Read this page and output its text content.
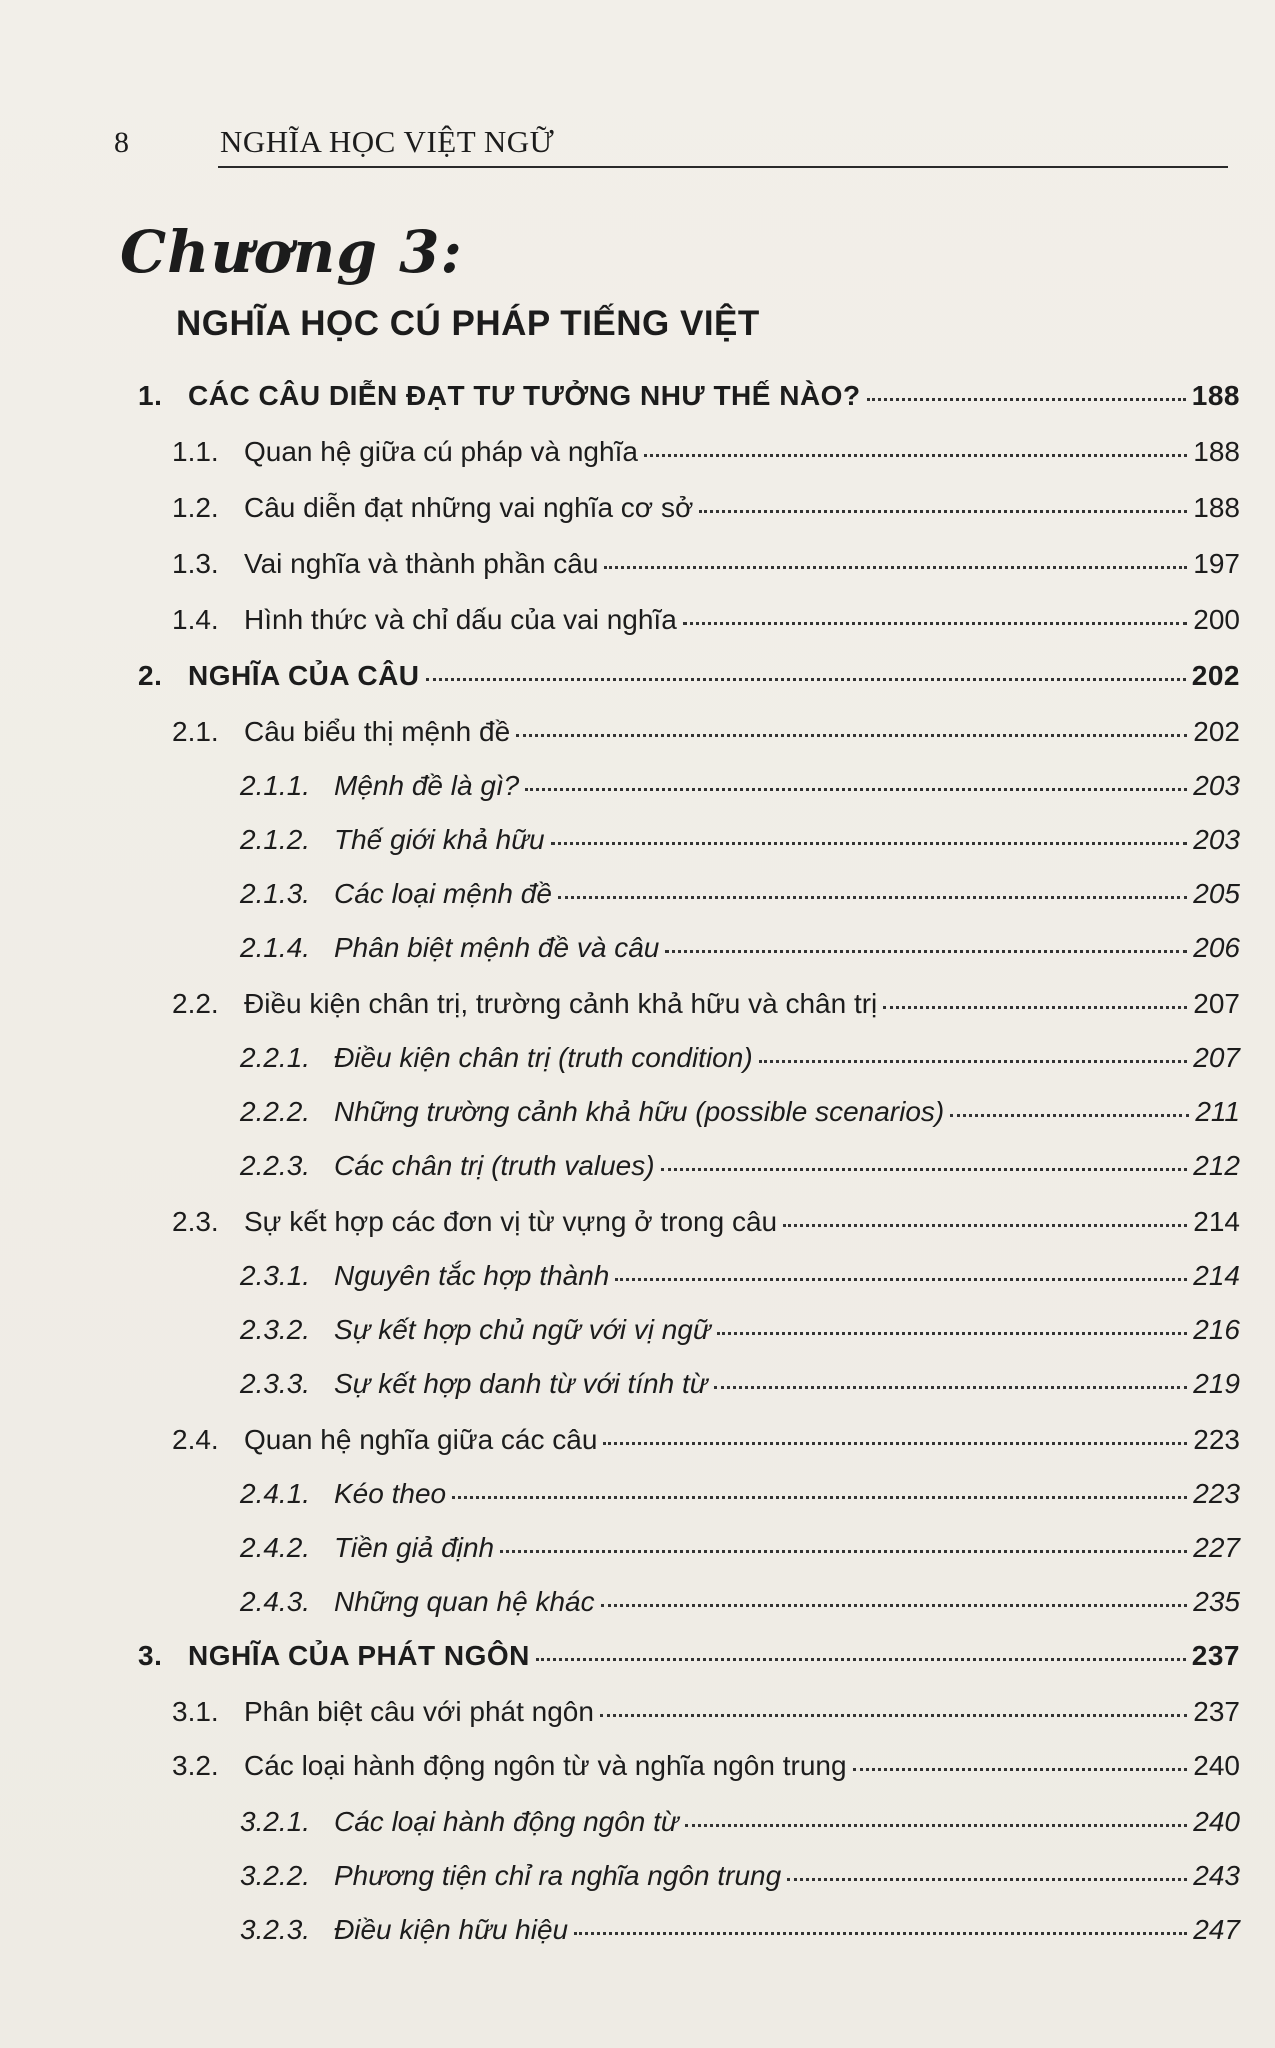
8	NGHĨA HỌC VIỆT NGỮ
Chương 3:
NGHĨA HỌC CÚ PHÁP TIẾNG VIỆT
1. CÁC CÂU DIỄN ĐẠT TƯ TƯỞNG NHƯ THẾ NÀO?	188
1.1. Quan hệ giữa cú pháp và nghĩa	188
1.2. Câu diễn đạt những vai nghĩa cơ sở	188
1.3. Vai nghĩa và thành phần câu	197
1.4. Hình thức và chỉ dấu của vai nghĩa	200
2. NGHĨA CỦA CÂU	202
2.1. Câu biểu thị mệnh đề	202
2.1.1. Mệnh đề là gì?	203
2.1.2. Thế giới khả hữu	203
2.1.3. Các loại mệnh đề	205
2.1.4. Phân biệt mệnh đề và câu	206
2.2. Điều kiện chân trị, trường cảnh khả hữu và chân trị	207
2.2.1. Điều kiện chân trị (truth condition)	207
2.2.2. Những trường cảnh khả hữu (possible scenarios)	211
2.2.3. Các chân trị (truth values)	212
2.3. Sự kết hợp các đơn vị từ vựng ở trong câu	214
2.3.1. Nguyên tắc hợp thành	214
2.3.2. Sự kết hợp chủ ngữ với vị ngữ	216
2.3.3. Sự kết hợp danh từ với tính từ	219
2.4. Quan hệ nghĩa giữa các câu	223
2.4.1. Kéo theo	223
2.4.2. Tiền giả định	227
2.4.3. Những quan hệ khác	235
3. NGHĨA CỦA PHÁT NGÔN	237
3.1. Phân biệt câu với phát ngôn	237
3.2. Các loại hành động ngôn từ và nghĩa ngôn trung	240
3.2.1. Các loại hành động ngôn từ	240
3.2.2. Phương tiện chỉ ra nghĩa ngôn trung	243
3.2.3. Điều kiện hữu hiệu	247
